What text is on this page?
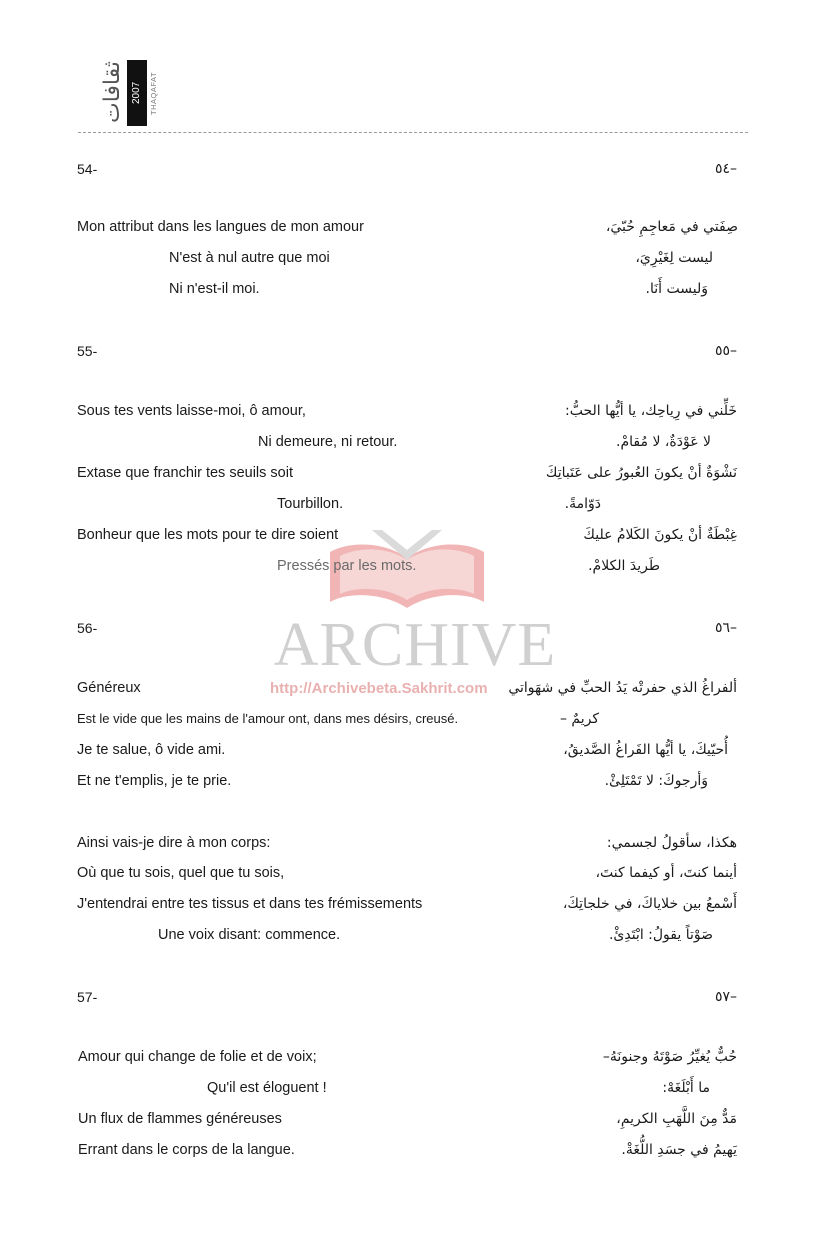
ثقافات 2007 THAQAFAT
ARCHIVE
http://Archivebeta.Sakhrit.com
54-	–٥٤
Mon attribut dans les langues de mon amour	صِفَتي في مَعاجِمِ حُبّيَ،
N'est à nul autre que moi	ليست لِغَيْرِيَ،
Ni n'est-il moi.	وَليست أَنَا.
55-	–٥٥
Sous tes vents laisse-moi, ô amour,	خَلِّني في رِياحِك، يا أيُّها الحبُّ:
Ni demeure, ni retour.	لا عَوْدَةٌ، لا مُقامْ.
Extase que franchir tes seuils soit	نَشْوَةٌ أنْ يكونَ العُبورُ على عَتَباتِكَ
Tourbillon.	دَوّامةً.
Bonheur que les mots pour te dire soient	غِبْطَةٌ أنْ يكونَ الكَلامُ عليكَ
Pressés par les mots.	طَريدَ الكلامْ.
56-	–٥٦
Généreux	ألفراغُ الذي حفرتْه يَدُ الحبِّ في شهَواتي
Est le vide que les mains de l'amour ont, dans mes désirs, creusé.	كريمٌ –
Je te salue, ô vide ami.	أُحيّيكَ، يا أيُّها الفَراغُ الصَّديقُ،
Et ne t'emplis, je te prie.	وَأرجوكَ: لا تَمْتَلِئْ.
Ainsi vais-je dire à mon corps:	هكذا، سأقولُ لجسمي:
Où que tu sois, quel que tu sois,	أينما كنتَ، أو كيفما كنتَ،
J'entendrai entre tes tissus et dans tes frémissements	أَسْمعُ بين خلاياكَ، في خلجاتِكَ،
Une voix disant: commence.	صَوْتاً يقولُ: ابْتَدِئْ.
57-	–٥٧
Amour qui change de folie et de voix;	حُبٌّ يُغيِّرُ صَوْتَهُ وجنونَهُ–
Qu'il est éloguent !	ما أَبْلَغَهْ:
Un flux de flammes généreuses	مَدٌّ مِنَ اللَّهَبِ الكريمِ،
Errant dans le corps de la langue.	يَهيمُ في جسَدِ اللُّغَةْ.
